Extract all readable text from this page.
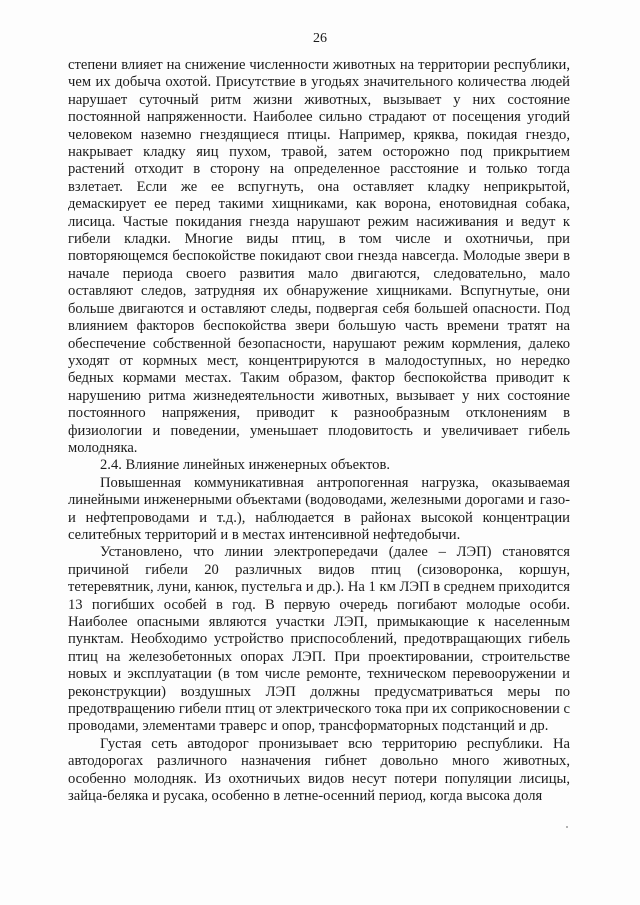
26

степени влияет на снижение численности животных на территории республики, чем их добыча охотой. Присутствие в угодьях значительного количества людей нарушает суточный ритм жизни животных, вызывает у них состояние постоянной напряженности. Наиболее сильно страдают от посещения угодий человеком наземно гнездящиеся птицы. Например, кряква, покидая гнездо, накрывает кладку яиц пухом, травой, затем осторожно под прикрытием растений отходит в сторону на определенное расстояние и только тогда взлетает. Если же ее вспугнуть, она оставляет кладку неприкрытой, демаскирует ее перед такими хищниками, как ворона, енотовидная собака, лисица. Частые покидания гнезда нарушают режим насиживания и ведут к гибели кладки. Многие виды птиц, в том числе и охотничьи, при повторяющемся беспокойстве покидают свои гнезда навсегда. Молодые звери в начале периода своего развития мало двигаются, следовательно, мало оставляют следов, затрудняя их обнаружение хищниками. Вспугнутые, они больше двигаются и оставляют следы, подвергая себя большей опасности. Под влиянием факторов беспокойства звери большую часть времени тратят на обеспечение собственной безопасности, нарушают режим кормления, далеко уходят от кормных мест, концентрируются в малодоступных, но нередко бедных кормами местах. Таким образом, фактор беспокойства приводит к нарушению ритма жизнедеятельности животных, вызывает у них состояние постоянного напряжения, приводит к разнообразным отклонениям в физиологии и поведении, уменьшает плодовитость и увеличивает гибель молодняка.

2.4. Влияние линейных инженерных объектов.

Повышенная коммуникативная антропогенная нагрузка, оказываемая линейными инженерными объектами (водоводами, железными дорогами и газо- и нефтепроводами и т.д.), наблюдается в районах высокой концентрации селитебных территорий и в местах интенсивной нефтедобычи.

Установлено, что линии электропередачи (далее – ЛЭП) становятся причиной гибели 20 различных видов птиц (сизоворонка, коршун, тетеревятник, луни, канюк, пустельга и др.). На 1 км ЛЭП в среднем приходится 13 погибших особей в год. В первую очередь погибают молодые особи. Наиболее опасными являются участки ЛЭП, примыкающие к населенным пунктам. Необходимо устройство приспособлений, предотвращающих гибель птиц на железобетонных опорах ЛЭП. При проектировании, строительстве новых и эксплуатации (в том числе ремонте, техническом перевооружении и реконструкции) воздушных ЛЭП должны предусматриваться меры по предотвращению гибели птиц от электрического тока при их соприкосновении с проводами, элементами траверс и опор, трансформаторных подстанций и др.

Густая сеть автодорог пронизывает всю территорию республики. На автодорогах различного назначения гибнет довольно много животных, особенно молодняк. Из охотничьих видов несут потери популяции лисицы, зайца-беляка и русака, особенно в летне-осенний период, когда высока доля
